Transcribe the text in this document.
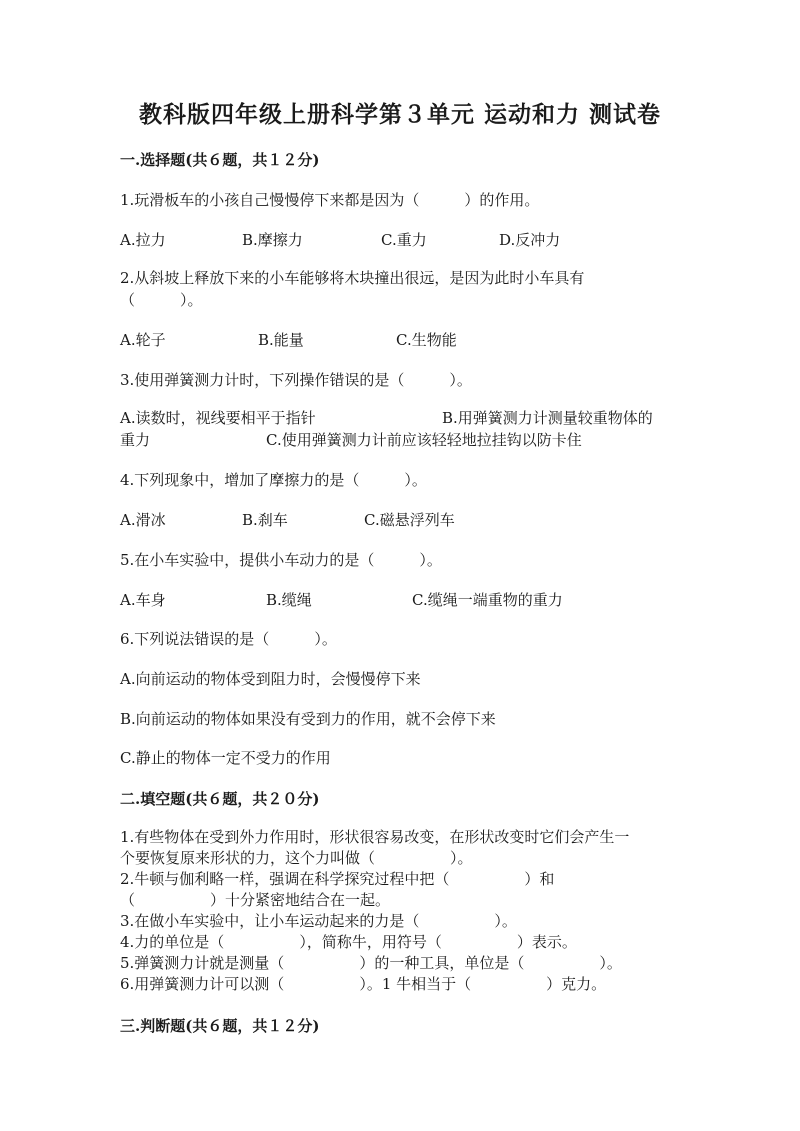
教科版四年级上册科学第３单元 运动和力 测试卷
一.选择题(共６题，共１２分)
1.玩滑板车的小孩自己慢慢停下来都是因为（　　　）的作用。
A.拉力	B.摩擦力	C.重力	D.反冲力
2.从斜坡上释放下来的小车能够将木块撞出很远，是因为此时小车具有
（　　　）。
A.轮子	B.能量	C.生物能
3.使用弹簧测力计时，下列操作错误的是（　　　）。
A.读数时，视线要相平于指针	B.用弹簧测力计测量较重物体的
重力	C.使用弹簧测力计前应该轻轻地拉挂钩以防卡住
4.下列现象中，增加了摩擦力的是（　　　）。
A.滑冰	B.刹车	C.磁悬浮列车
5.在小车实验中，提供小车动力的是（　　　）。
A.车身	B.缆绳	C.缆绳一端重物的重力
6.下列说法错误的是（　　　）。
A.向前运动的物体受到阻力时，会慢慢停下来
B.向前运动的物体如果没有受到力的作用，就不会停下来
C.静止的物体一定不受力的作用
二.填空题(共６题，共２０分)
1.有些物体在受到外力作用时，形状很容易改变，在形状改变时它们会产生一
个要恢复原来形状的力，这个力叫做（　　　　　）。
2.牛顿与伽利略一样，强调在科学探究过程中把（　　　　　）和
（　　　　　）十分紧密地结合在一起。
3.在做小车实验中，让小车运动起来的力是（　　　　　）。
4.力的单位是（　　　　　），简称牛，用符号（　　　　　）表示。
5.弹簧测力计就是测量（　　　　　）的一种工具，单位是（　　　　　）。
6.用弹簧测力计可以测（　　　　　）。1 牛相当于（　　　　　）克力。
三.判断题(共６题，共１２分)
